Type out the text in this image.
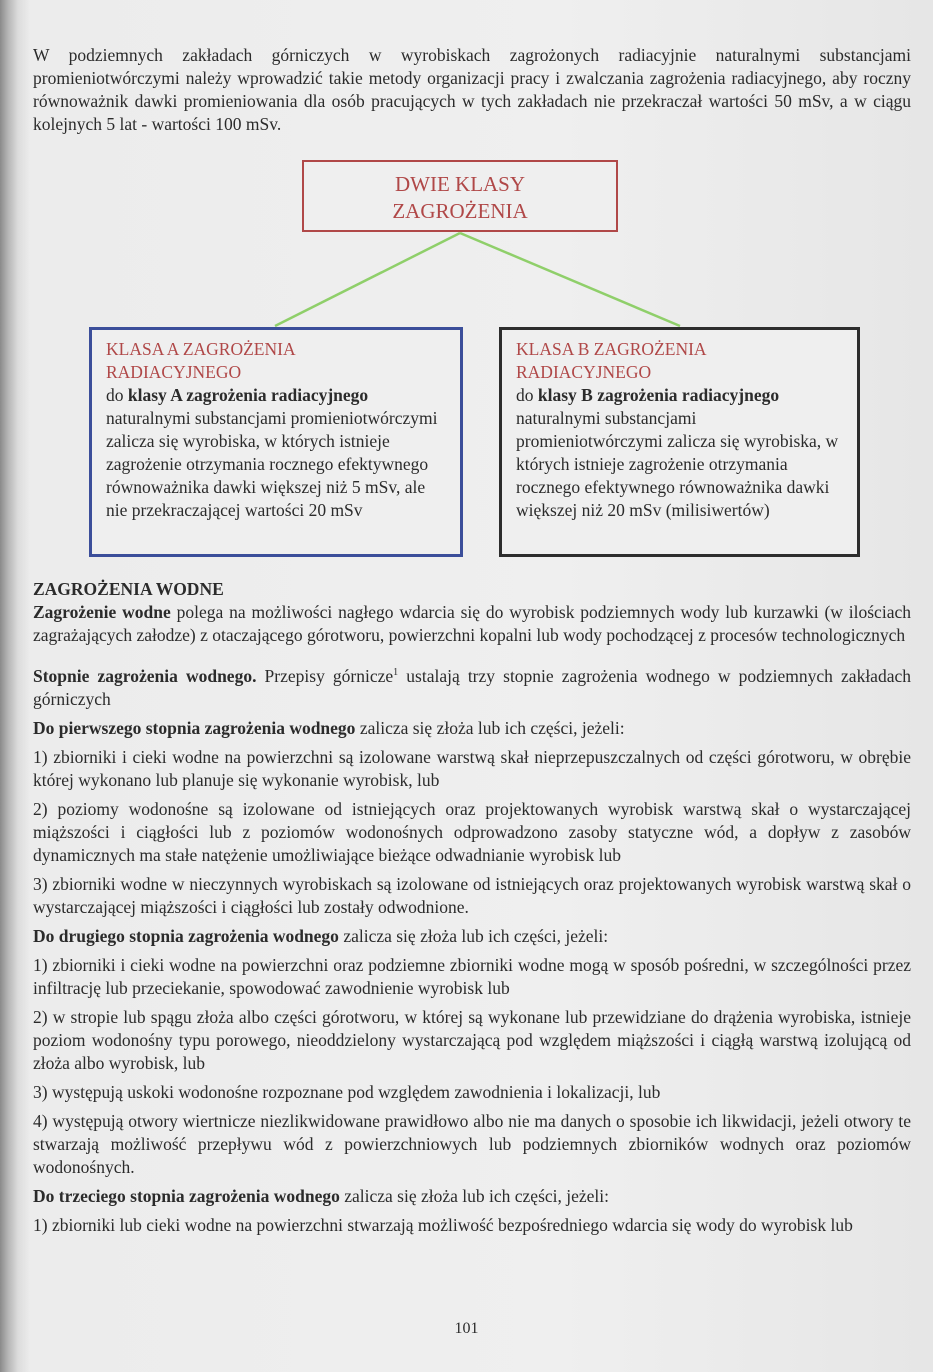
W podziemnych zakładach górniczych w wyrobiskach zagrożonych radiacyjnie naturalnymi substancjami promieniotwórczymi należy wprowadzić takie metody organizacji pracy i zwalczania zagrożenia radiacyjnego, aby roczny równoważnik dawki promieniowania dla osób pracujących w tych zakładach nie przekraczał wartości 50 mSv, a w ciągu kolejnych 5 lat - wartości 100 mSv.
DWIE KLASY
ZAGROŻENIA
KLASA A ZAGROŻENIA
RADIACYJNEGO
do klasy A zagrożenia radiacyjnego naturalnymi substancjami promieniotwórczymi zalicza się wyrobiska, w których istnieje zagrożenie otrzymania rocznego efektywnego równoważnika dawki większej niż 5 mSv, ale nie przekraczającej wartości 20 mSv
KLASA B ZAGROŻENIA
RADIACYJNEGO
do klasy B zagrożenia radiacyjnego naturalnymi substancjami promieniotwórczymi zalicza się wyrobiska, w których istnieje zagrożenie otrzymania rocznego efektywnego równoważnika dawki większej niż 20 mSv (milisiwertów)
ZAGROŻENIA WODNE

Zagrożenie wodne polega na możliwości nagłego wdarcia się do wyrobisk podziemnych wody lub kurzawki (w ilościach zagrażających załodze) z otaczającego górotworu, powierzchni kopalni lub wody pochodzącej z procesów technologicznych

Stopnie zagrożenia wodnego. Przepisy górnicze$^1$ ustalają trzy stopnie zagrożenia wodnego w podziemnych zakładach górniczych

Do pierwszego stopnia zagrożenia wodnego zalicza się złoża lub ich części, jeżeli:

1) zbiorniki i cieki wodne na powierzchni są izolowane warstwą skał nieprzepuszczalnych od części górotworu, w obrębie której wykonano lub planuje się wykonanie wyrobisk, lub

2) poziomy wodonośne są izolowane od istniejących oraz projektowanych wyrobisk warstwą skał o wystarczającej miąższości i ciągłości lub z poziomów wodonośnych odprowadzono zasoby statyczne wód, a dopływ z zasobów dynamicznych ma stałe natężenie umożliwiające bieżące odwadnianie wyrobisk lub

3) zbiorniki wodne w nieczynnych wyrobiskach są izolowane od istniejących oraz projektowanych wyrobisk warstwą skał o wystarczającej miąższości i ciągłości lub zostały odwodnione.

Do drugiego stopnia zagrożenia wodnego zalicza się złoża lub ich części, jeżeli:

1) zbiorniki i cieki wodne na powierzchni oraz podziemne zbiorniki wodne mogą w sposób pośredni, w szczególności przez infiltrację lub przeciekanie, spowodować zawodnienie wyrobisk lub

2) w stropie lub spągu złoża albo części górotworu, w której są wykonane lub przewidziane do drążenia wyrobiska, istnieje poziom wodonośny typu porowego, nieoddzielony wystarczającą pod względem miąższości i ciągłą warstwą izolującą od złoża albo wyrobisk, lub

3) występują uskoki wodonośne rozpoznane pod względem zawodnienia i lokalizacji, lub

4) występują otwory wiertnicze niezlikwidowane prawidłowo albo nie ma danych o sposobie ich likwidacji, jeżeli otwory te stwarzają możliwość przepływu wód z powierzchniowych lub podziemnych zbiorników wodnych oraz poziomów wodonośnych.

Do trzeciego stopnia zagrożenia wodnego zalicza się złoża lub ich części, jeżeli:

1) zbiorniki lub cieki wodne na powierzchni stwarzają możliwość bezpośredniego wdarcia się wody do wyrobisk lub

101
